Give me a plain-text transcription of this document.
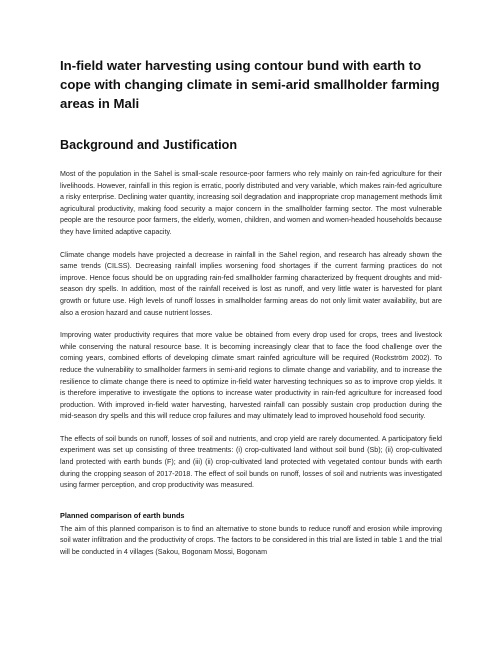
In-field water harvesting using contour bund with earth to cope with changing climate in semi-arid smallholder farming areas in Mali
Background and Justification

Most of the population in the Sahel is small-scale resource-poor farmers who rely mainly on rain-fed agriculture for their livelihoods. However, rainfall in this region is erratic, poorly distributed and very variable, which makes rain-fed agriculture a risky enterprise. Declining water quantity, increasing soil degradation and inappropriate crop management methods limit agricultural productivity, making food security a major concern in the smallholder farming sector. The most vulnerable people are the resource poor farmers, the elderly, women, children, and women and women-headed households because they have limited adaptive capacity.

Climate change models have projected a decrease in rainfall in the Sahel region, and research has already shown the same trends (CILSS). Decreasing rainfall implies worsening food shortages if the current farming practices do not improve. Hence focus should be on upgrading rain-fed smallholder farming characterized by frequent droughts and mid-season dry spells. In addition, most of the rainfall received is lost as runoff, and very little water is harvested for plant growth or future use. High levels of runoff losses in smallholder farming areas do not only limit water availability, but are also a erosion hazard and cause nutrient losses.

Improving water productivity requires that more value be obtained from every drop used for crops, trees and livestock while conserving the natural resource base. It is becoming increasingly clear that to face the food challenge over the coming years, combined efforts of developing climate smart rainfed agriculture will be required (Rockström 2002). To reduce the vulnerability to smallholder farmers in semi-arid regions to climate change and variability, and to increase the resilience to climate change there is need to optimize in-field water harvesting techniques so as to improve crop yields. It is therefore imperative to investigate the options to increase water productivity in rain-fed agriculture for increased food production. With improved in-field water harvesting, harvested rainfall can possibly sustain crop production during the mid-season dry spells and this will reduce crop failures and may ultimately lead to improved household food security.

The effects of soil bunds on runoff, losses of soil and nutrients, and crop yield are rarely documented. A participatory field experiment was set up consisting of three treatments: (i) crop-cultivated land without soil bund (Sb); (ii) crop-cultivated land protected with earth bunds (F); and (iii) (ii) crop-cultivated land protected with vegetated contour bunds with earth during the cropping season of 2017-2018. The effect of soil bunds on runoff, losses of soil and nutrients was investigated using farmer perception, and crop productivity was measured.

Planned comparison of earth bunds

The aim of this planned comparison is to find an alternative to stone bunds to reduce runoff and erosion while improving soil water infiltration and the productivity of crops. The factors to be considered in this trial are listed in table 1 and the trial will be conducted in 4 villages (Sakou, Bogonam Mossi, Bogonam
